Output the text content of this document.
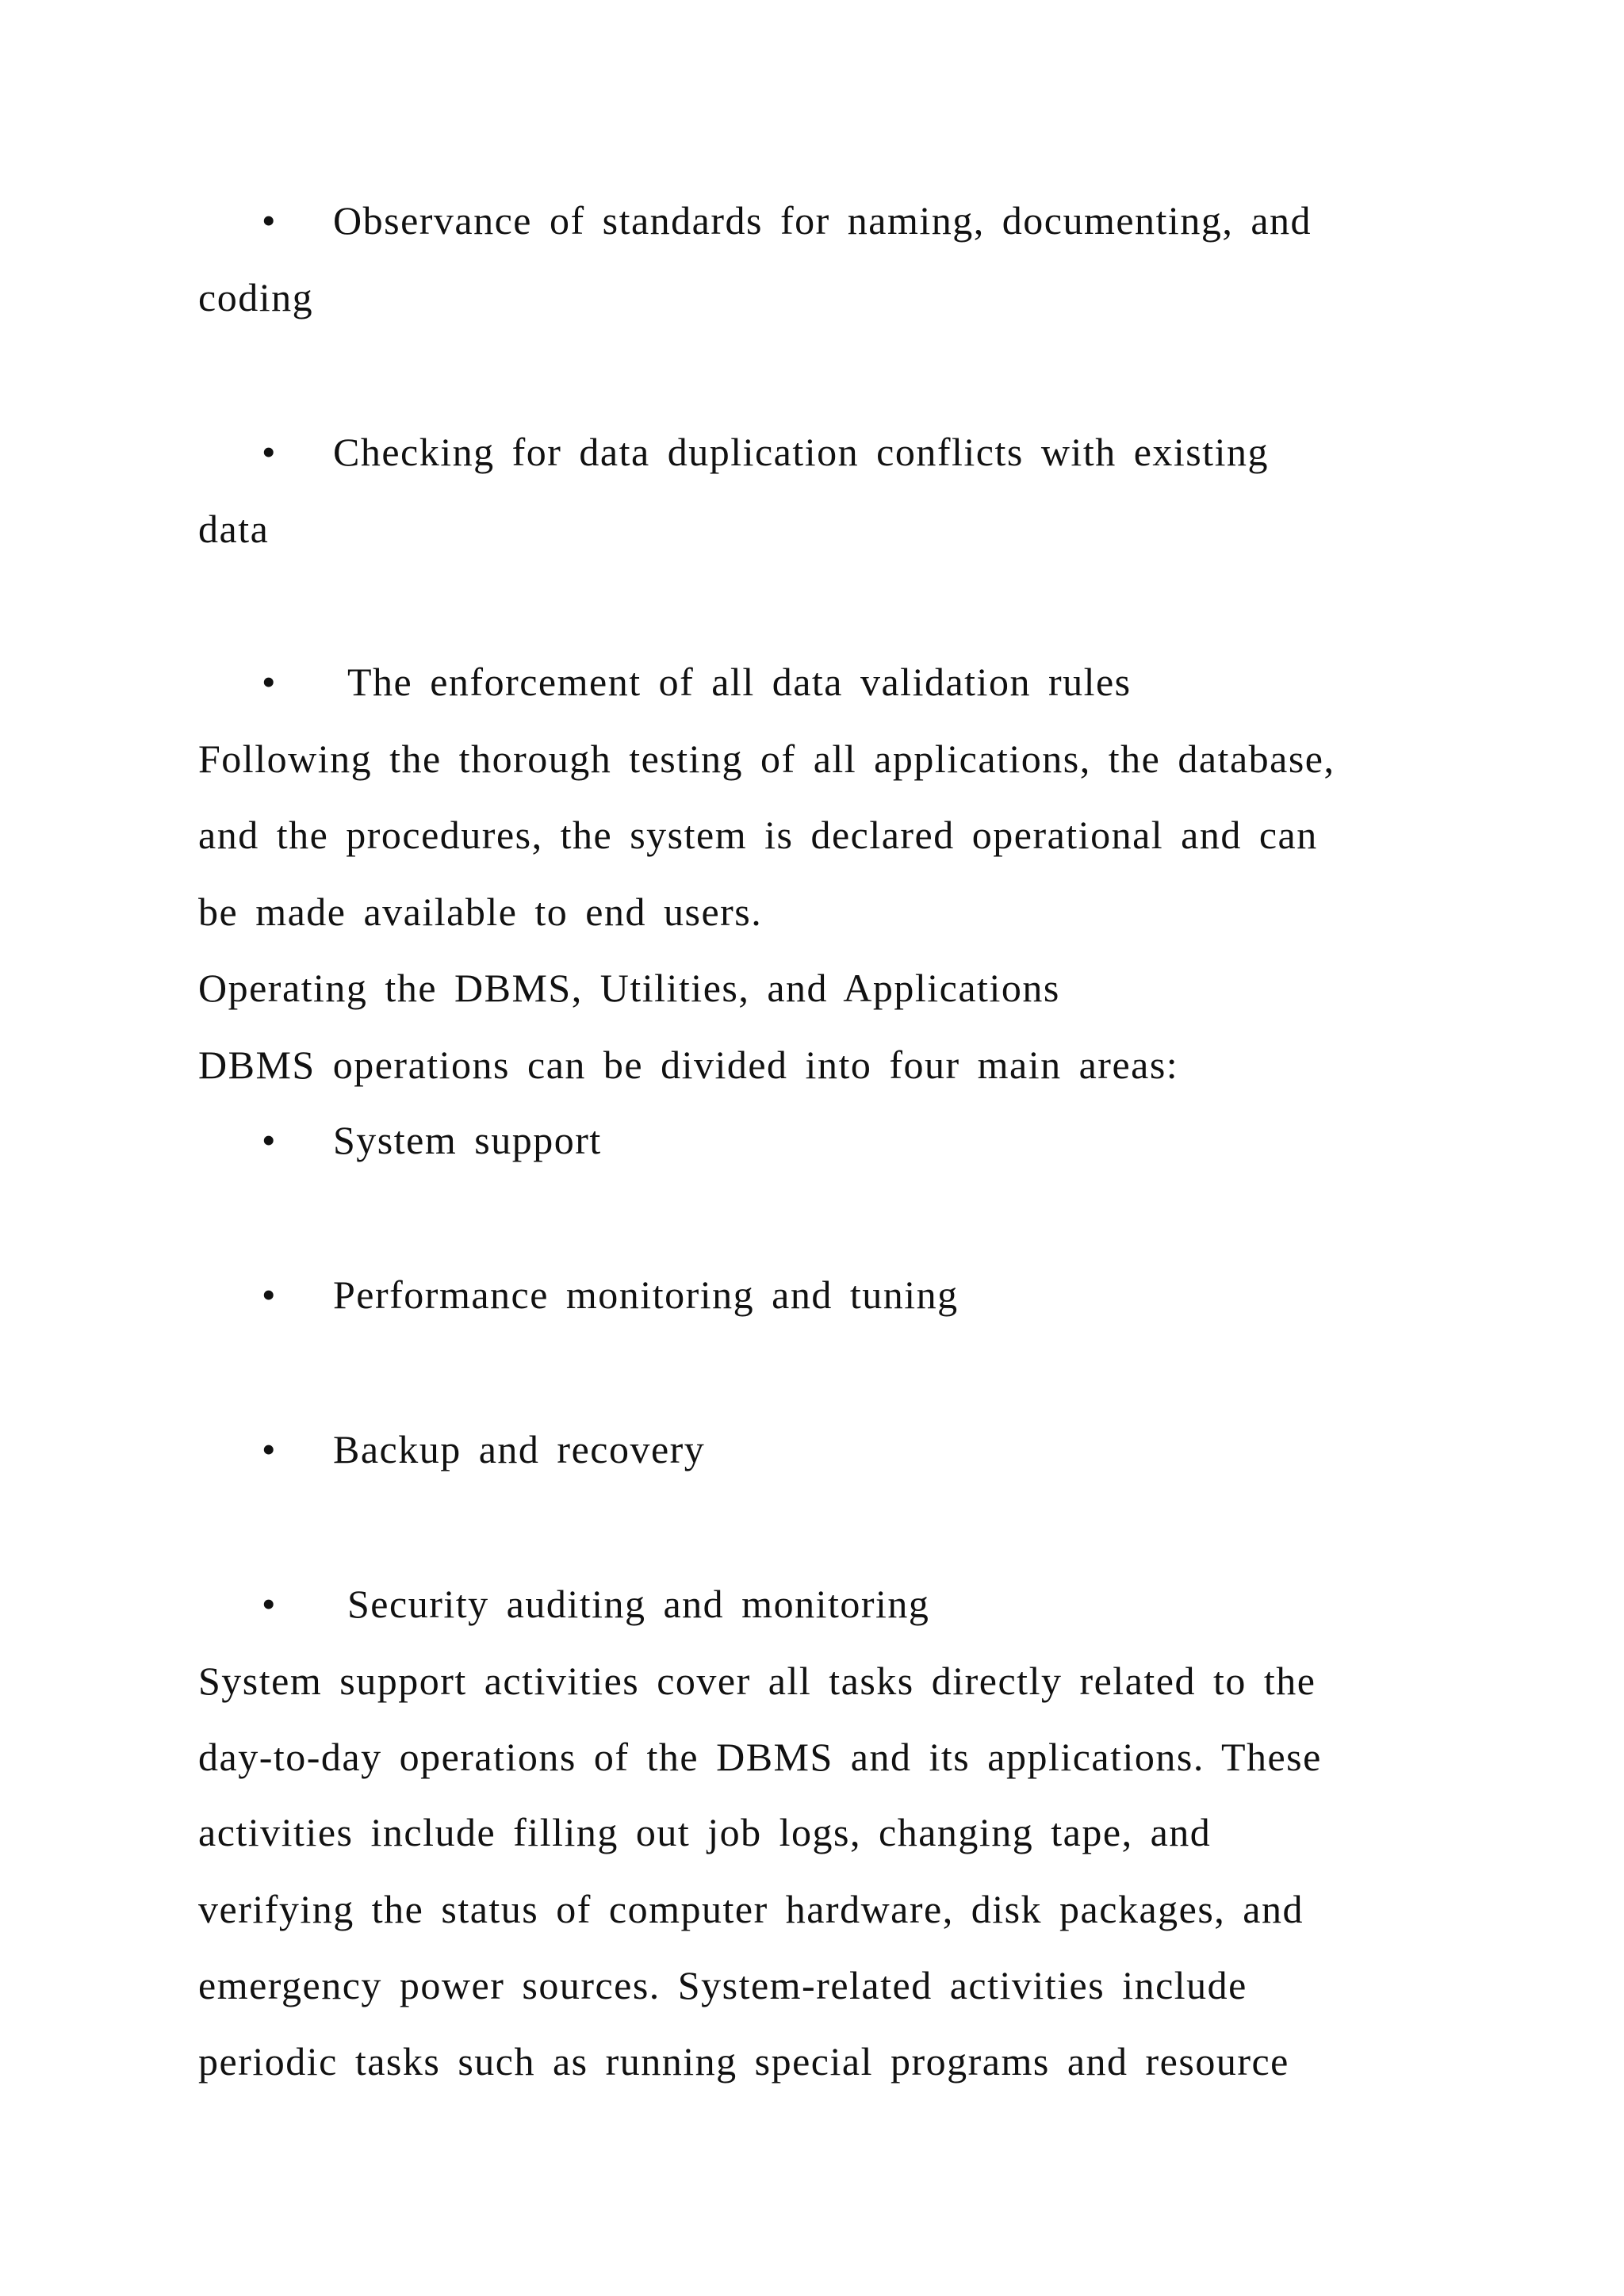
• Observance of standards for naming, documenting, and
coding
• Checking for data duplication conflicts with existing
data
• The enforcement of all data validation rules
Following the thorough testing of all applications, the database,
and the procedures, the system is declared operational and can
be made available to end users.
Operating the DBMS, Utilities, and Applications
DBMS operations can be divided into four main areas:
• System support
• Performance monitoring and tuning
• Backup and recovery
• Security auditing and monitoring
System support activities cover all tasks directly related to the
day-to-day operations of the DBMS and its applications. These
activities include filling out job logs, changing tape, and
verifying the status of computer hardware, disk packages, and
emergency power sources. System-related activities include
periodic tasks such as running special programs and resource
